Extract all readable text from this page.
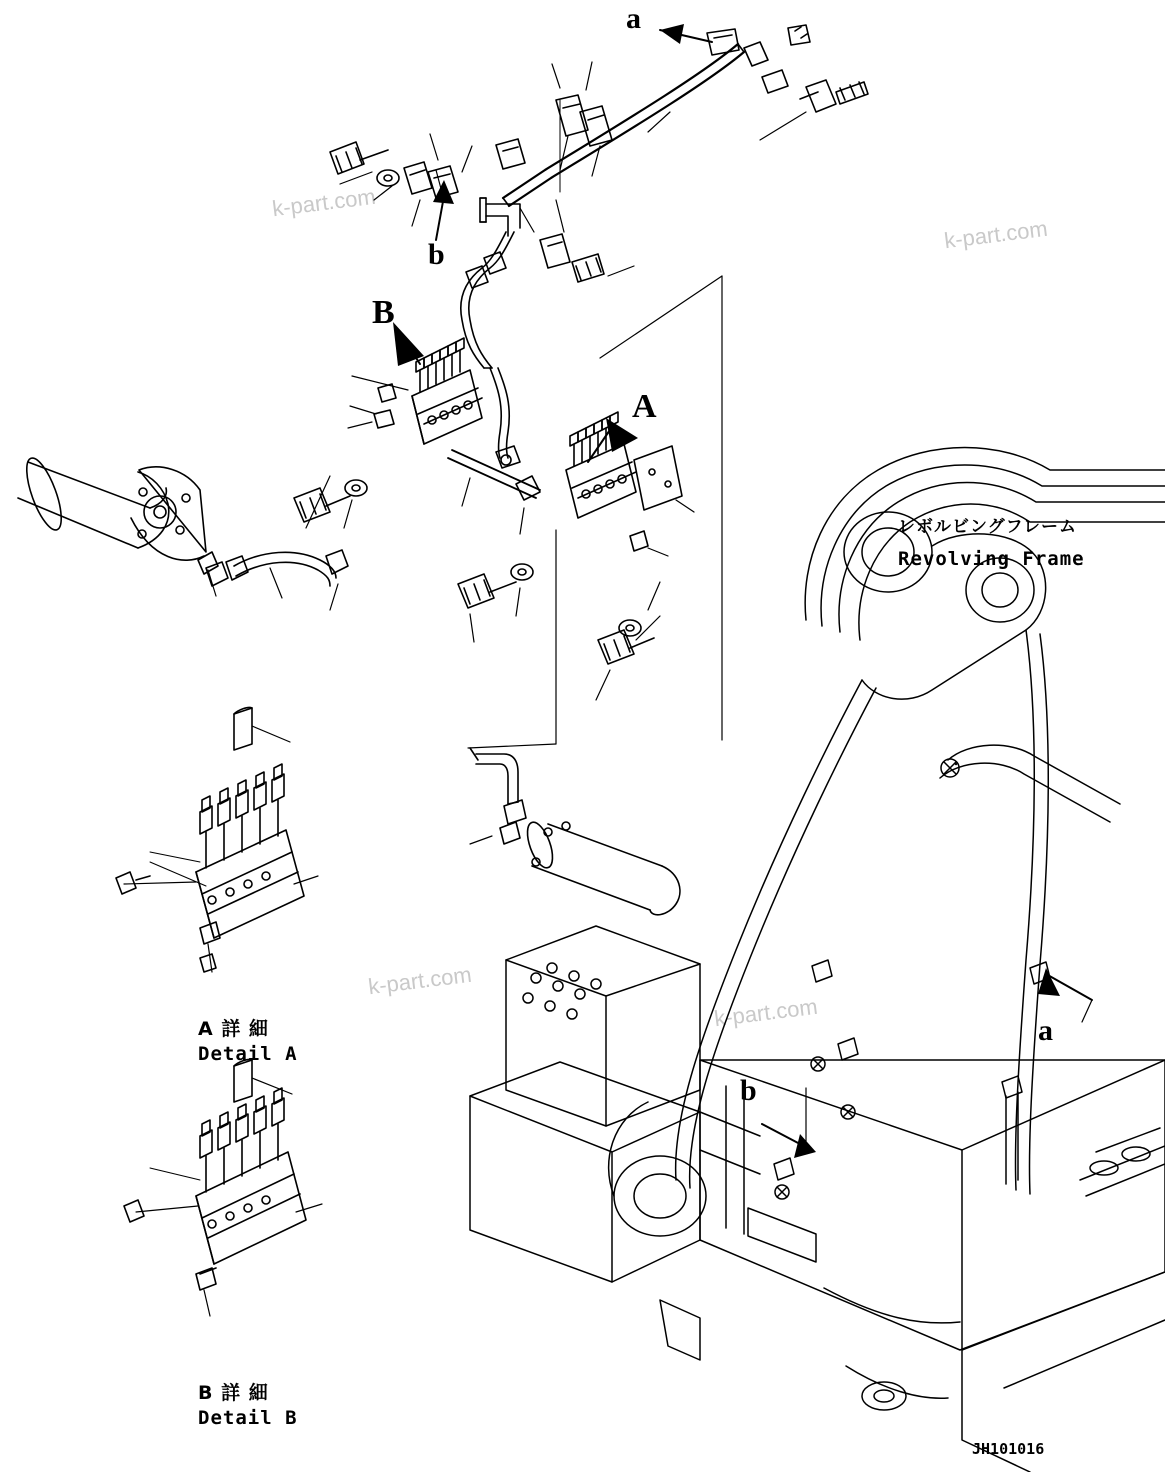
k-part.com
k-part.com
k-part.com
k-part.com
a
b
B
A
a
b
レボルビングフレーム
Revolving Frame
A 詳 細
Detail A
B 詳 細
Detail B
JH101016
